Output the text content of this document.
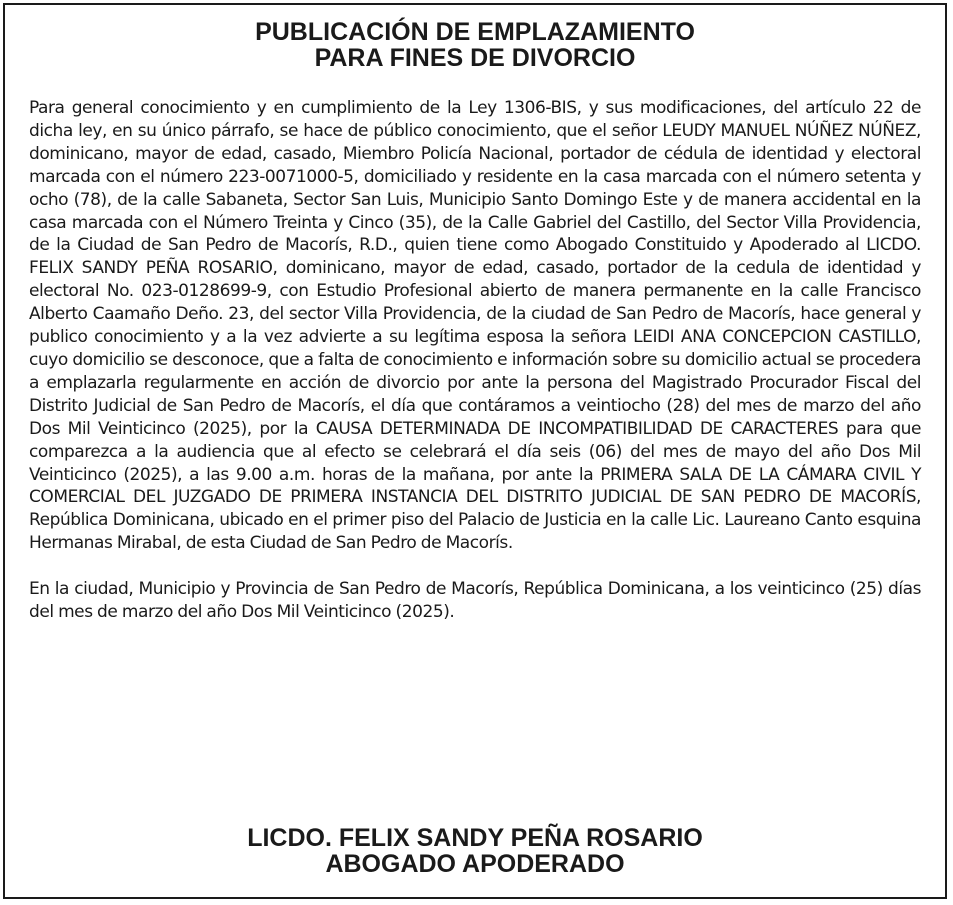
PUBLICACIÓN DE EMPLAZAMIENTO
PARA FINES DE DIVORCIO

Para general conocimiento y en cumplimiento de la Ley 1306-BIS, y sus modificaciones, del artículo 22 de dicha ley, en su único párrafo, se hace de público conocimiento, que el señor LEUDY MANUEL NÚÑEZ NÚÑEZ, dominicano, mayor de edad, casado, Miembro Policía Nacional, portador de cédula de identidad y electoral marcada con el número 223-0071000-5, domiciliado y residente en la casa marcada con el número setenta y ocho (78), de la calle Sabaneta, Sector San Luis, Municipio Santo Domingo Este y de manera accidental en la casa marcada con el Número Treinta y Cinco (35), de la Calle Gabriel del Castillo, del Sector Villa Providencia, de la Ciudad de San Pedro de Macorís, R.D., quien tiene como Abogado Constituido y Apoderado al LICDO. FELIX SANDY PEÑA ROSARIO, dominicano, mayor de edad, casado, portador de la cedula de identidad y electoral No. 023-0128699-9, con Estudio Profesional abierto de manera permanente en la calle Francisco Alberto Caamaño Deño. 23, del sector Villa Providencia, de la ciudad de San Pedro de Macorís, hace general y publico conocimiento y a la vez advierte a su legítima esposa la señora LEIDI ANA CONCEPCION CASTILLO, cuyo domicilio se desconoce, que a falta de conocimiento e información sobre su domicilio actual se procedera a emplazarla regularmente en acción de divorcio por ante la persona del Magistrado Procurador Fiscal del Distrito Judicial de San Pedro de Macorís, el día que contáramos a veintiocho (28) del mes de marzo del año Dos Mil Veinticinco (2025), por la CAUSA DETERMINADA DE INCOMPATIBILIDAD DE CARACTERES para que comparezca a la audiencia que al efecto se celebrará el día seis (06) del mes de mayo del año Dos Mil Veinticinco (2025), a las 9.00 a.m. horas de la mañana, por ante la PRIMERA SALA DE LA CÁMARA CIVIL Y COMERCIAL DEL JUZGADO DE PRIMERA INSTANCIA DEL DISTRITO JUDICIAL DE SAN PEDRO DE MACORÍS, República Dominicana, ubicado en el primer piso del Palacio de Justicia en la calle Lic. Laureano Canto esquina Hermanas Mirabal, de esta Ciudad de San Pedro de Macorís.

En la ciudad, Municipio y Provincia de San Pedro de Macorís, República Dominicana, a los veinticinco (25) días del mes de marzo del año Dos Mil Veinticinco (2025).

LICDO. FELIX SANDY PEÑA ROSARIO
ABOGADO APODERADO
